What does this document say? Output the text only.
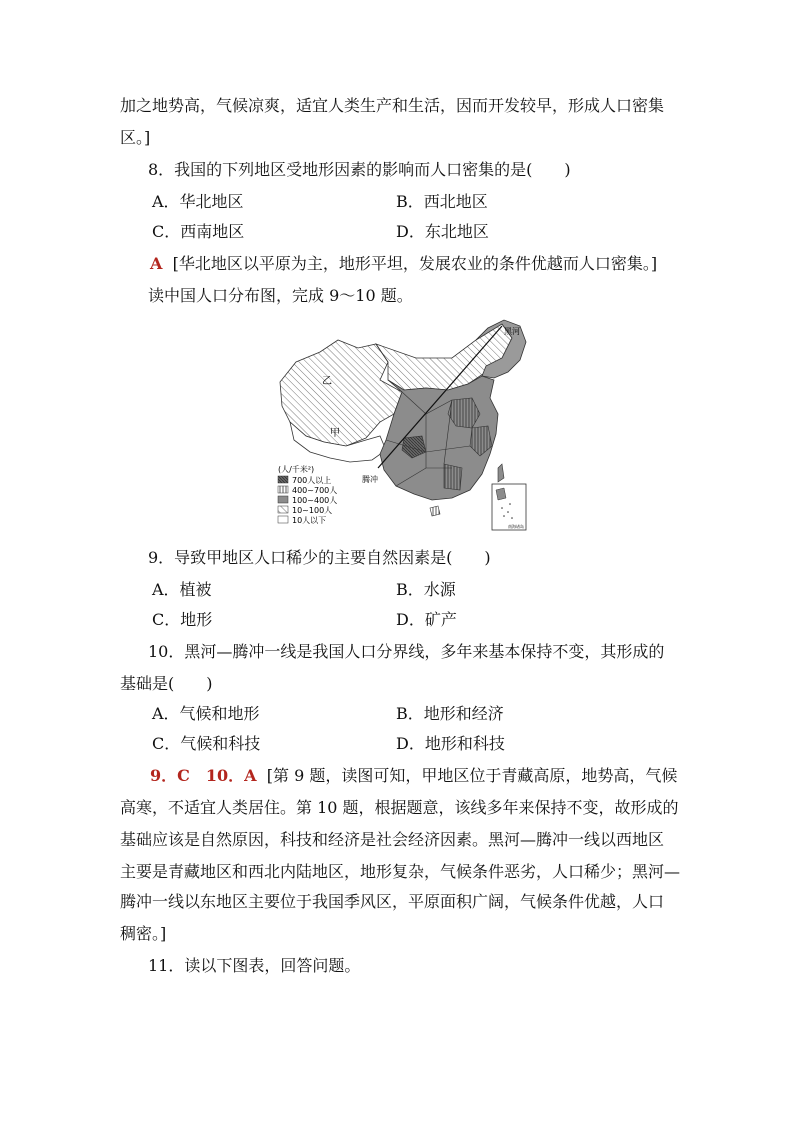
加之地势高，气候凉爽，适宜人类生产和生活，因而开发较早，形成人口密集
区。]
8．我国的下列地区受地形因素的影响而人口密集的是(　　)
A．华北地区	B．西北地区
C．西南地区	D．东北地区
A [华北地区以平原为主，地形平坦，发展农业的条件优越而人口密集。]
读中国人口分布图，完成 9～10 题。
黑河
腾冲
甲
乙
(人/千米²)
700人以上
400~700人
100~400人
10~100人
10人以下
南海诸岛
9．导致甲地区人口稀少的主要自然因素是(　　)
A．植被	B．水源
C．地形	D．矿产
10．黑河—腾冲一线是我国人口分界线，多年来基本保持不变，其形成的
基础是(　　)
A．气候和地形	B．地形和经济
C．气候和科技	D．地形和科技
9．C　10．A [第 9 题，读图可知，甲地区位于青藏高原，地势高，气候
高寒，不适宜人类居住。第 10 题，根据题意，该线多年来保持不变，故形成的
基础应该是自然原因，科技和经济是社会经济因素。黑河—腾冲一线以西地区
主要是青藏地区和西北内陆地区，地形复杂，气候条件恶劣，人口稀少；黑河—
腾冲一线以东地区主要位于我国季风区，平原面积广阔，气候条件优越，人口
稠密。]
11．读以下图表，回答问题。
